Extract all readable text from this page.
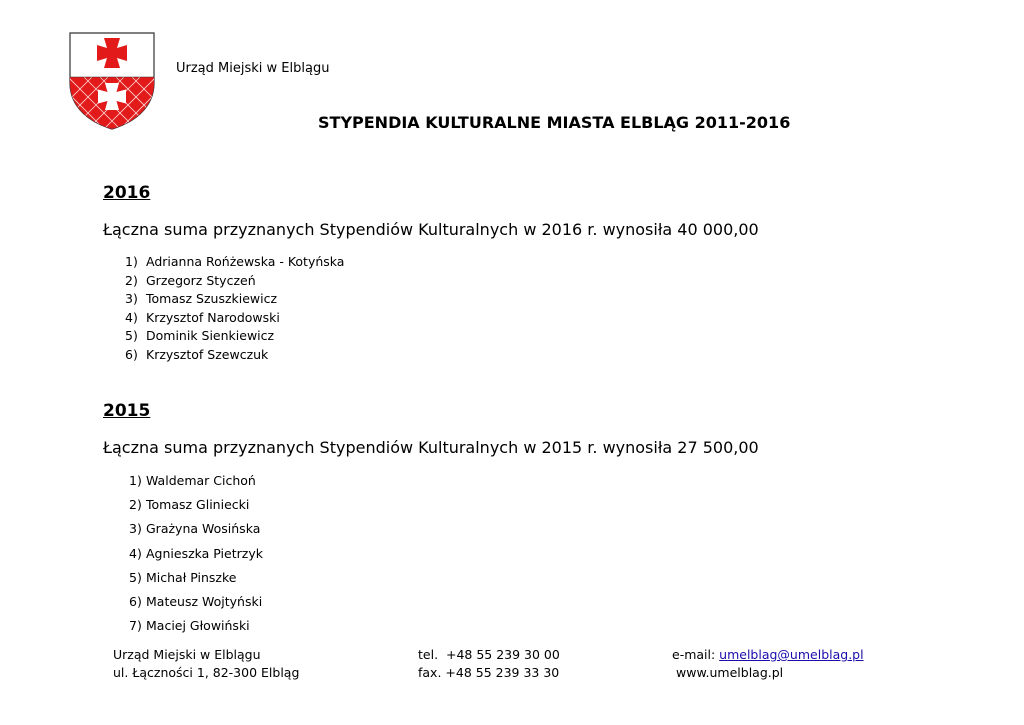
Urząd Miejski w Elblągu
STYPENDIA KULTURALNE MIASTA ELBLĄG 2011-2016
2016
Łączna suma przyznanych Stypendiów Kulturalnych w 2016 r. wynosiła 40 000,00
1) Adrianna Rońżewska - Kotyńska
2) Grzegorz Styczeń
3) Tomasz Szuszkiewicz
4) Krzysztof Narodowski
5) Dominik Sienkiewicz
6) Krzysztof Szewczuk
2015
Łączna suma przyznanych Stypendiów Kulturalnych w 2015 r. wynosiła 27 500,00
1) Waldemar Cichoń
2) Tomasz Gliniecki
3) Grażyna Wosińska
4) Agnieszka Pietrzyk
5) Michał Pinszke
6) Mateusz Wojtyński
7) Maciej Głowiński
Urząd Miejski w Elblągu
ul. Łączności 1, 82-300 Elbląg
tel.  +48 55 239 30 00
fax. +48 55 239 33 30
e-mail: umelblag@umelblag.pl
www.umelblag.pl
